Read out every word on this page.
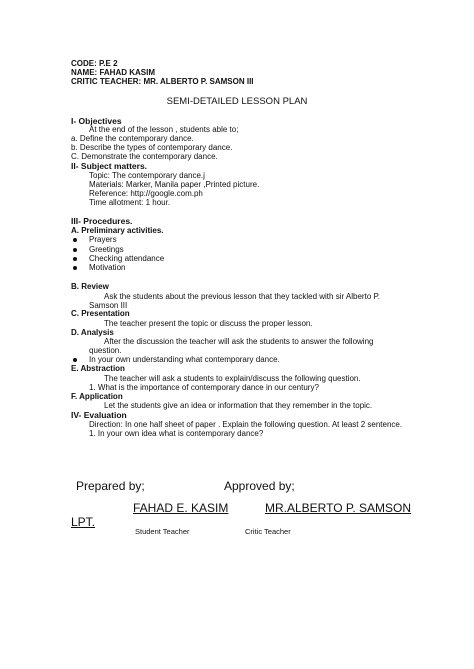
CODE: P.E 2
NAME: FAHAD KASIM
CRITIC TEACHER: MR. ALBERTO P. SAMSON III
SEMI-DETAILED LESSON PLAN
I- Objectives
At the end of the lesson , students able to;
a. Define the contemporary dance.
b. Describe the types of contemporary dance.
C. Demonstrate the contemporary dance.
II- Subject matters.
Topic: The contemporary dance.j
Materials: Marker, Manila paper ,Printed picture.
Reference: http://google.com.ph
Time allotment: 1 hour.
III- Procedures.
A. Preliminary activities.
Prayers
Greetings
Checking attendance
Motivation
B. Review
Ask the students about the previous lesson that they tackled with sir Alberto P.
Samson III
C. Presentation
The teacher present the topic or discuss the proper lesson.
D. Analysis
After the discussion the teacher will ask the students to answer the following
question.
In your own understanding what contemporary dance.
E. Abstraction
The teacher will ask a students to explain/discuss the following question.
1. What is the importance of contemporary dance in our century?
F. Application
Let the students give an idea or information that they remember in the topic.
IV- Evaluation
Direction: In one half sheet of paper . Explain the following question. At least 2 sentence.
1. In your own idea what is contemporary dance?
Prepared by;	Approved by;
FAHAD E. KASIM	MR.ALBERTO P. SAMSON
LPT.
Student Teacher	Critic Teacher
